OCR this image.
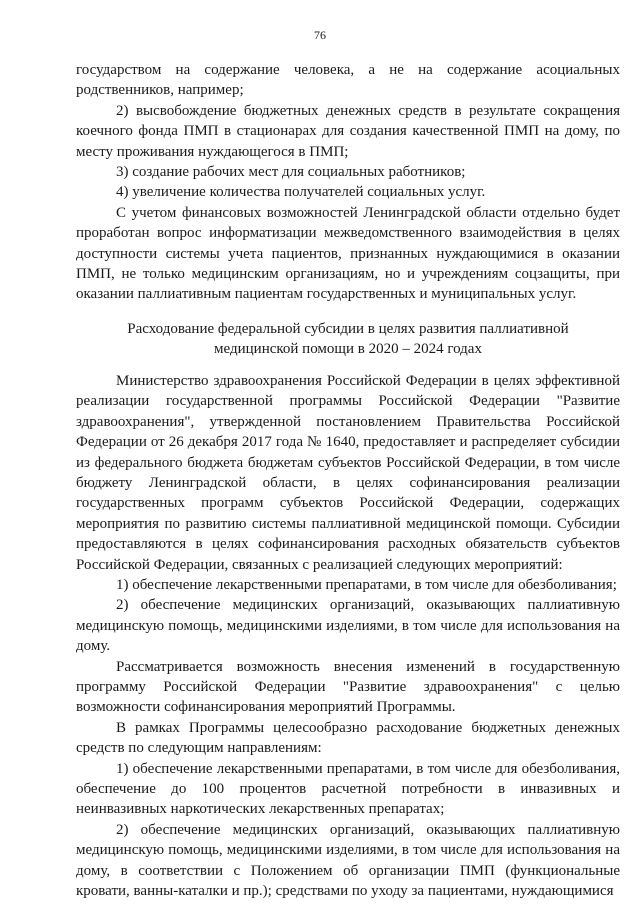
76

государством на содержание человека, а не на содержание асоциальных родственников, например;

2) высвобождение бюджетных денежных средств в результате сокращения коечного фонда ПМП в стационарах для создания качественной ПМП на дому, по месту проживания нуждающегося в ПМП;

3) создание рабочих мест для социальных работников;

4) увеличение количества получателей социальных услуг.

С учетом финансовых возможностей Ленинградской области отдельно будет проработан вопрос информатизации межведомственного взаимодействия в целях доступности системы учета пациентов, признанных нуждающимися в оказании ПМП, не только медицинским организациям, но и учреждениям соцзащиты, при оказании паллиативным пациентам государственных и муниципальных услуг.

Расходование федеральной субсидии в целях развития паллиативной
медицинской помощи в 2020 – 2024 годах

Министерство здравоохранения Российской Федерации в целях эффективной реализации государственной программы Российской Федерации "Развитие здравоохранения", утвержденной постановлением Правительства Российской Федерации от 26 декабря 2017 года № 1640, предоставляет и распределяет субсидии из федерального бюджета бюджетам субъектов Российской Федерации, в том числе бюджету Ленинградской области, в целях софинансирования реализации государственных программ субъектов Российской Федерации, содержащих мероприятия по развитию системы паллиативной медицинской помощи. Субсидии предоставляются в целях софинансирования расходных обязательств субъектов Российской Федерации, связанных с реализацией следующих мероприятий:

1) обеспечение лекарственными препаратами, в том числе для обезболивания;

2) обеспечение медицинских организаций, оказывающих паллиативную медицинскую помощь, медицинскими изделиями, в том числе для использования на дому.

Рассматривается возможность внесения изменений в государственную программу Российской Федерации "Развитие здравоохранения" с целью возможности софинансирования мероприятий Программы.

В рамках Программы целесообразно расходование бюджетных денежных средств по следующим направлениям:

1) обеспечение лекарственными препаратами, в том числе для обезболивания, обеспечение до 100 процентов расчетной потребности в инвазивных и неинвазивных наркотических лекарственных препаратах;

2) обеспечение медицинских организаций, оказывающих паллиативную медицинскую помощь, медицинскими изделиями, в том числе для использования на дому, в соответствии с Положением об организации ПМП (функциональные кровати, ванны-каталки и пр.); средствами по уходу за пациентами, нуждающимися
